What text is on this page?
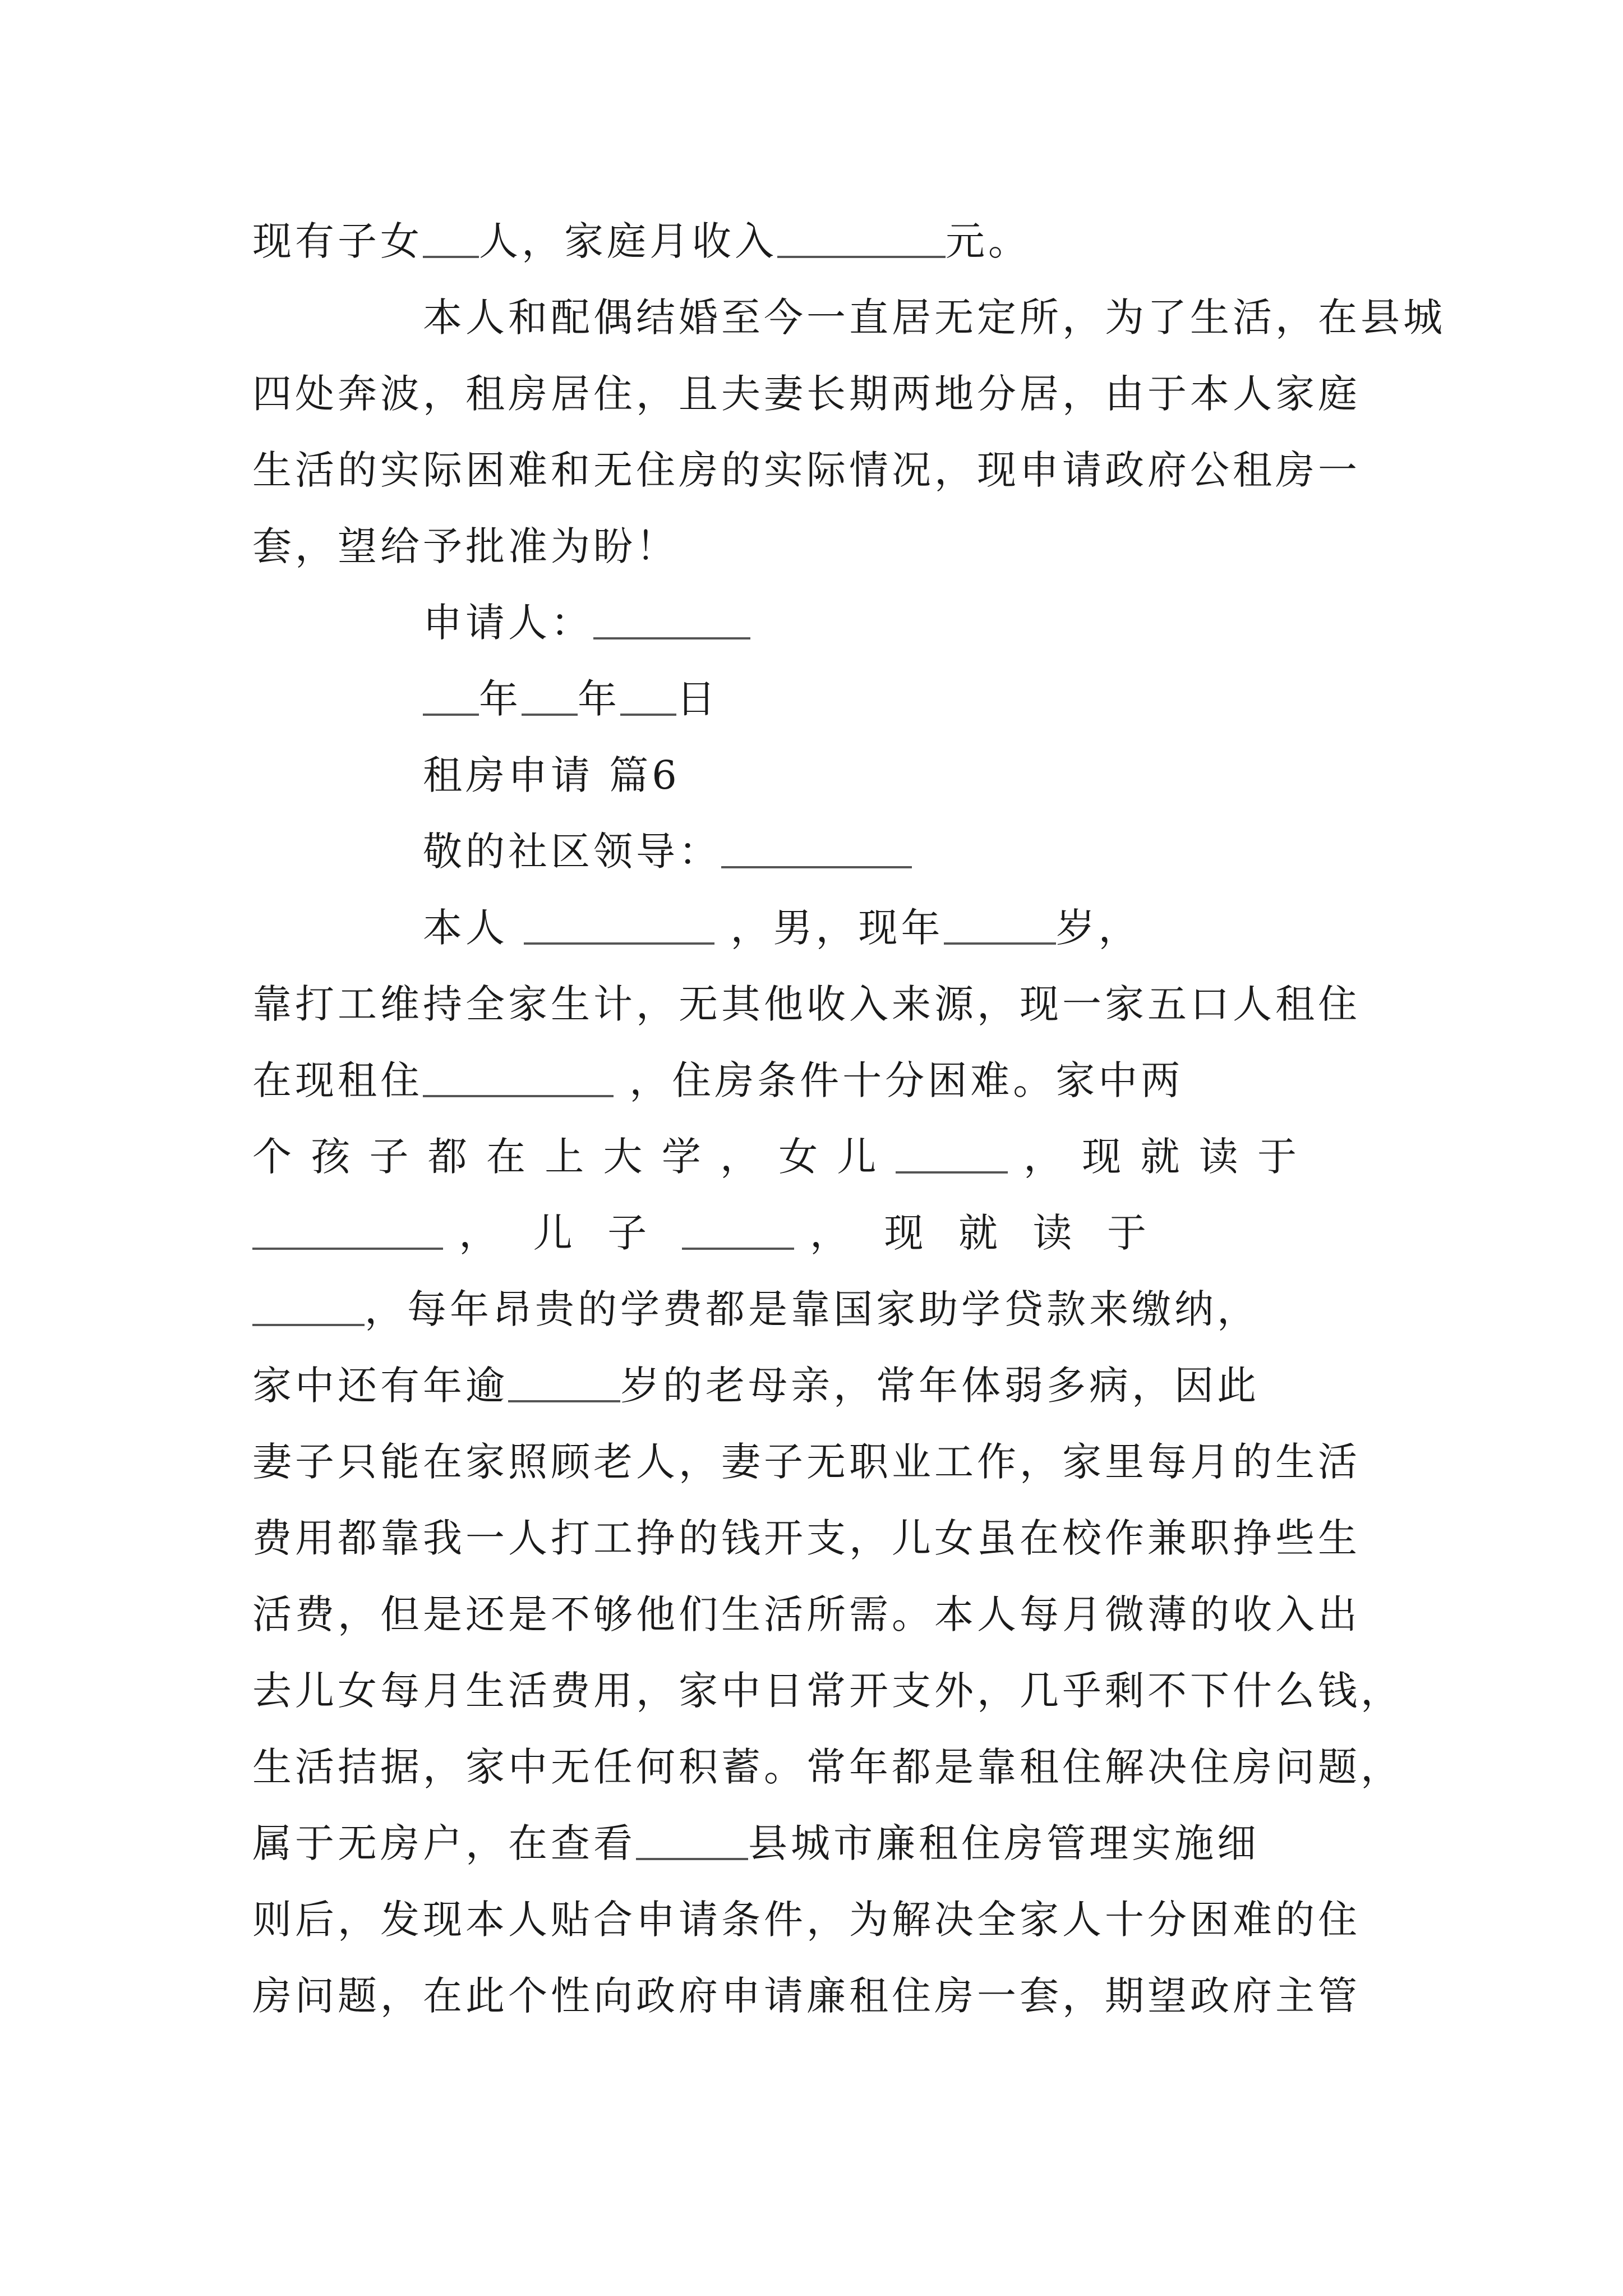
现有子女 人，家庭月收入	元。
本人和配偶结婚至今一直居无定所，为了生活，在县城
四处奔波，租房居住，且夫妻长期两地分居，由于本人家庭
生活的实际困难和无住房的实际情况，现申请政府公租房一
套，望给予批准为盼！
申请人：
年 年 日
租房申请 篇6
敬的社区领导：
本人	，男，现年	岁，
靠打工维持全家生计，无其他收入来源，现一家五口人租住
在现租住	，住房条件十分困难。家中两
个 孩 子 都 在 上 大 学 ， 女 儿	， 现 就 读 于
，  儿  子	，  现  就  读  于
，每年昂贵的学费都是靠国家助学贷款来缴纳，
家中还有年逾	岁的老母亲，常年体弱多病，因此
妻子只能在家照顾老人，妻子无职业工作，家里每月的生活
费用都靠我一人打工挣的钱开支，儿女虽在校作兼职挣些生
活费，但是还是不够他们生活所需。本人每月微薄的收入出
去儿女每月生活费用，家中日常开支外，几乎剩不下什么钱，
生活拮据，家中无任何积蓄。常年都是靠租住解决住房问题，
属于无房户，在查看	县城市廉租住房管理实施细
则后，发现本人贴合申请条件，为解决全家人十分困难的住
房问题，在此个性向政府申请廉租住房一套，期望政府主管
